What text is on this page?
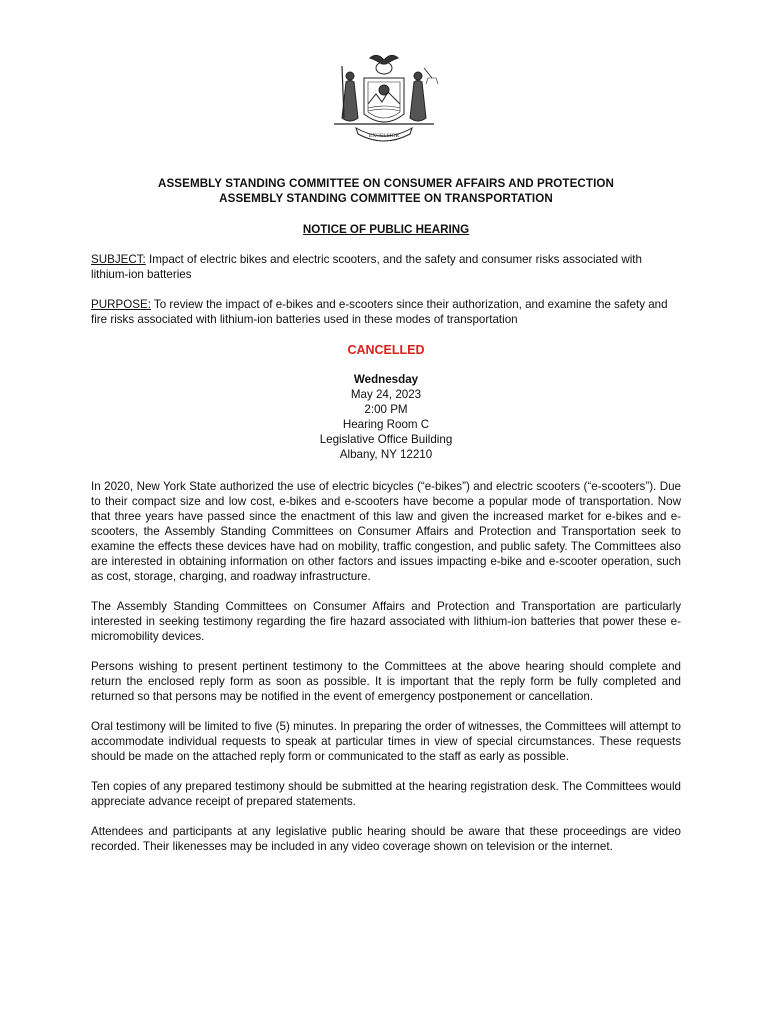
EXCELSIOR
ASSEMBLY STANDING COMMITTEE ON CONSUMER AFFAIRS AND PROTECTION
ASSEMBLY STANDING COMMITTEE ON TRANSPORTATION
NOTICE OF PUBLIC HEARING

SUBJECT: Impact of electric bikes and electric scooters, and the safety and consumer risks associated with lithium-ion batteries

PURPOSE: To review the impact of e-bikes and e-scooters since their authorization, and examine the safety and fire risks associated with lithium-ion batteries used in these modes of transportation

CANCELLED
Wednesday
May 24, 2023
2:00 PM
Hearing Room C
Legislative Office Building
Albany, NY 12210

In 2020, New York State authorized the use of electric bicycles (“e-bikes”) and electric scooters (“e-scooters”). Due to their compact size and low cost, e-bikes and e-scooters have become a popular mode of transportation. Now that three years have passed since the enactment of this law and given the increased market for e-bikes and e-scooters, the Assembly Standing Committees on Consumer Affairs and Protection and Transportation seek to examine the effects these devices have had on mobility, traffic congestion, and public safety. The Committees also are interested in obtaining information on other factors and issues impacting e-bike and e-scooter operation, such as cost, storage, charging, and roadway infrastructure.

The Assembly Standing Committees on Consumer Affairs and Protection and Transportation are particularly interested in seeking testimony regarding the fire hazard associated with lithium-ion batteries that power these e-micromobility devices.

Persons wishing to present pertinent testimony to the Committees at the above hearing should complete and return the enclosed reply form as soon as possible. It is important that the reply form be fully completed and returned so that persons may be notified in the event of emergency postponement or cancellation.

Oral testimony will be limited to five (5) minutes. In preparing the order of witnesses, the Committees will attempt to accommodate individual requests to speak at particular times in view of special circumstances. These requests should be made on the attached reply form or communicated to the staff as early as possible.

Ten copies of any prepared testimony should be submitted at the hearing registration desk. The Committees would appreciate advance receipt of prepared statements.

Attendees and participants at any legislative public hearing should be aware that these proceedings are video recorded. Their likenesses may be included in any video coverage shown on television or the internet.
